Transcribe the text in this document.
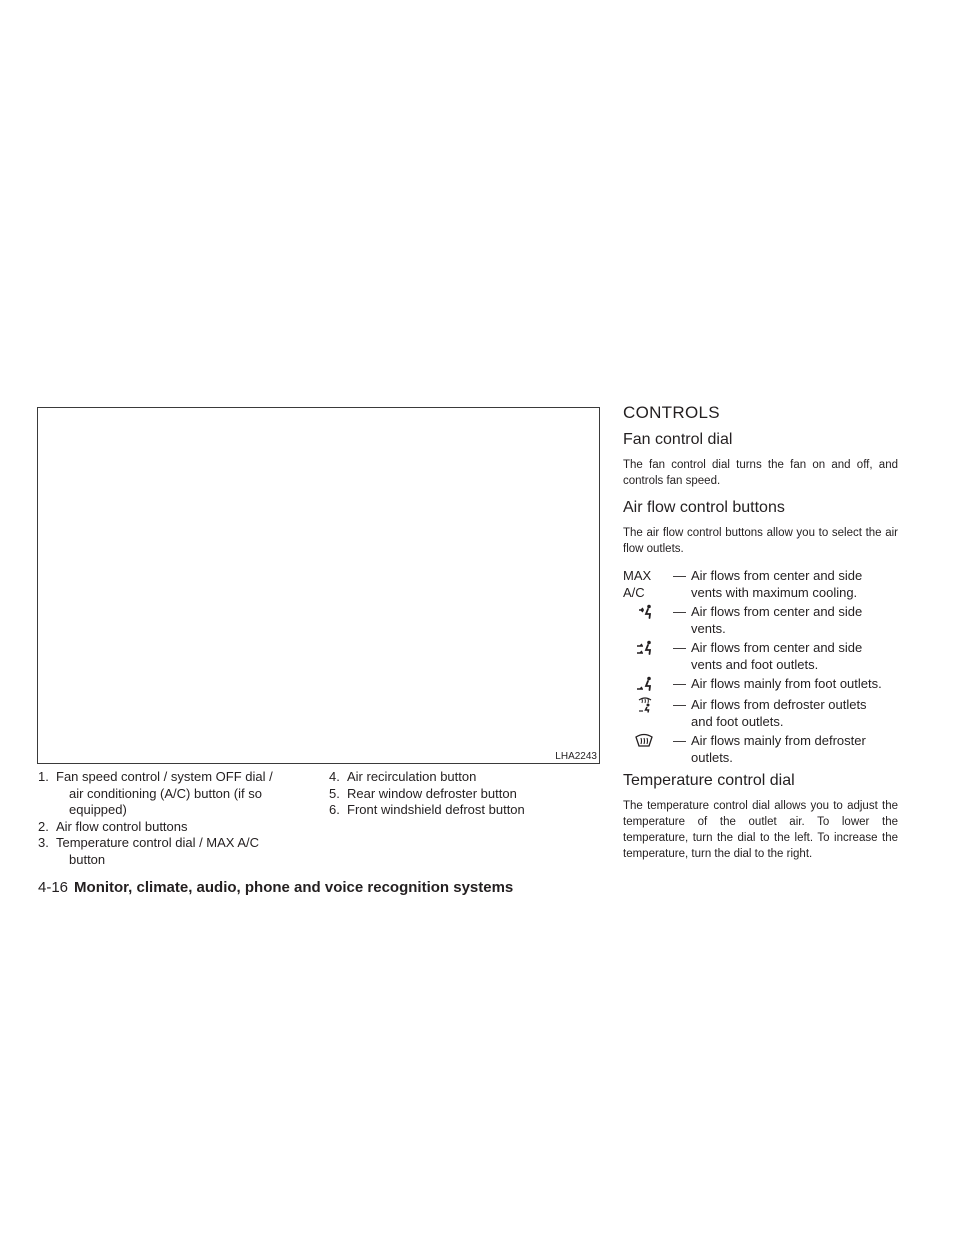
LHA2243
1. Fan speed control / system OFF dial /
air conditioning (A/C) button (if so
equipped)
2. Air flow control buttons
3. Temperature control dial / MAX A/C
button
4. Air recirculation button
5. Rear window defroster button
6. Front windshield defrost button
CONTROLS
Fan control dial

The fan control dial turns the fan on and off, and controls fan speed.

Air flow control buttons

The air flow control buttons allow you to select the air flow outlets.

MAX
A/C
— Air flows from center and side
vents with maximum cooling.
— Air flows from center and side
vents.
— Air flows from center and side
vents and foot outlets.
— Air flows mainly from foot outlets.
— Air flows from defroster outlets
and foot outlets.
— Air flows mainly from defroster
outlets.
Temperature control dial

The temperature control dial allows you to adjust the temperature of the outlet air. To lower the temperature, turn the dial to the left. To increase the temperature, turn the dial to the right.

4-16 Monitor, climate, audio, phone and voice recognition systems
